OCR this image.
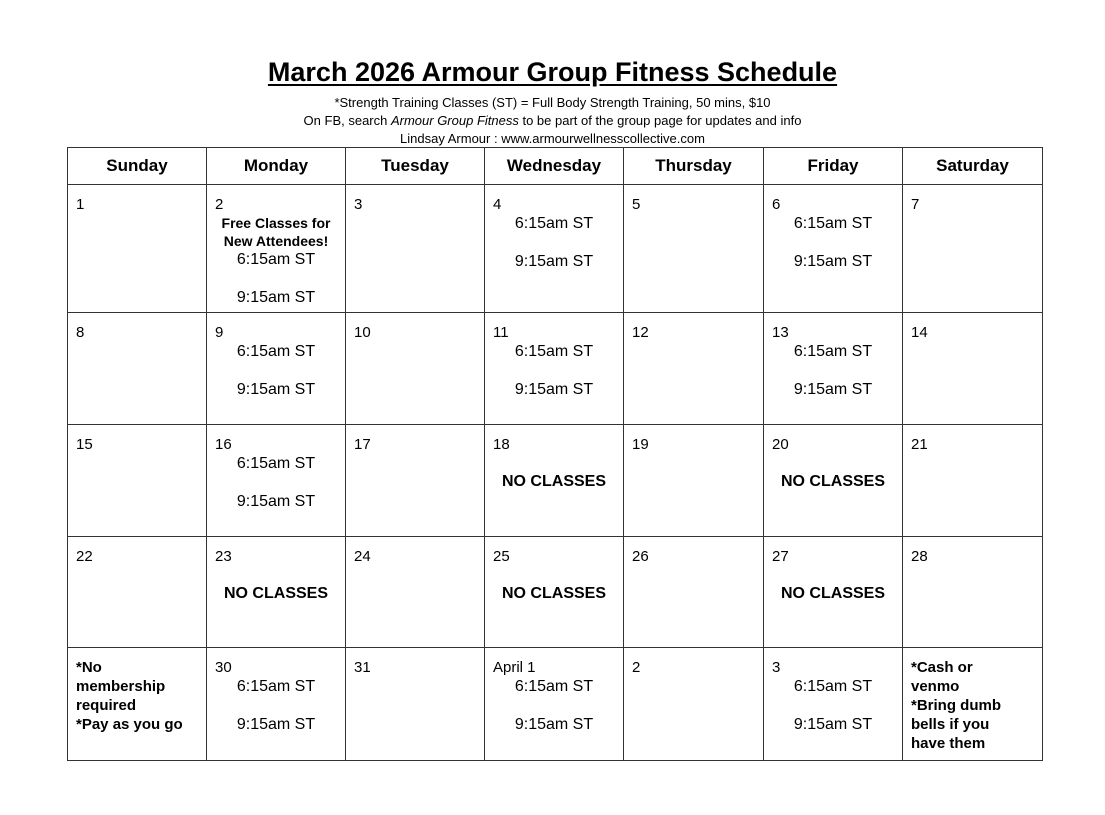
March 2026 Armour Group Fitness Schedule

*Strength Training Classes (ST) = Full Body Strength Training, 50 mins, $10

On FB, search Armour Group Fitness to be part of the group page for updates and info

Lindsay Armour : www.armourwellnesscollective.com

Sunday	Monday	Tuesday	Wednesday	Thursday	Friday	Saturday

1	2
Free Classes for
New Attendees!
6:15am ST
9:15am ST	3	4
6:15am ST
9:15am ST	5	6
6:15am ST
9:15am ST	7

8	9
6:15am ST
9:15am ST	10	11
6:15am ST
9:15am ST	12	13
6:15am ST
9:15am ST	14

15	16
6:15am ST
9:15am ST	17	18
NO CLASSES	19	20
NO CLASSES	21

22	23
NO CLASSES	24	25
NO CLASSES	26	27
NO CLASSES	28

*No
membership
required
*Pay as you go	30
6:15am ST
9:15am ST	31	April 1
6:15am ST
9:15am ST	2	3
6:15am ST
9:15am ST	*Cash or
venmo
*Bring dumb
bells if you
have them
